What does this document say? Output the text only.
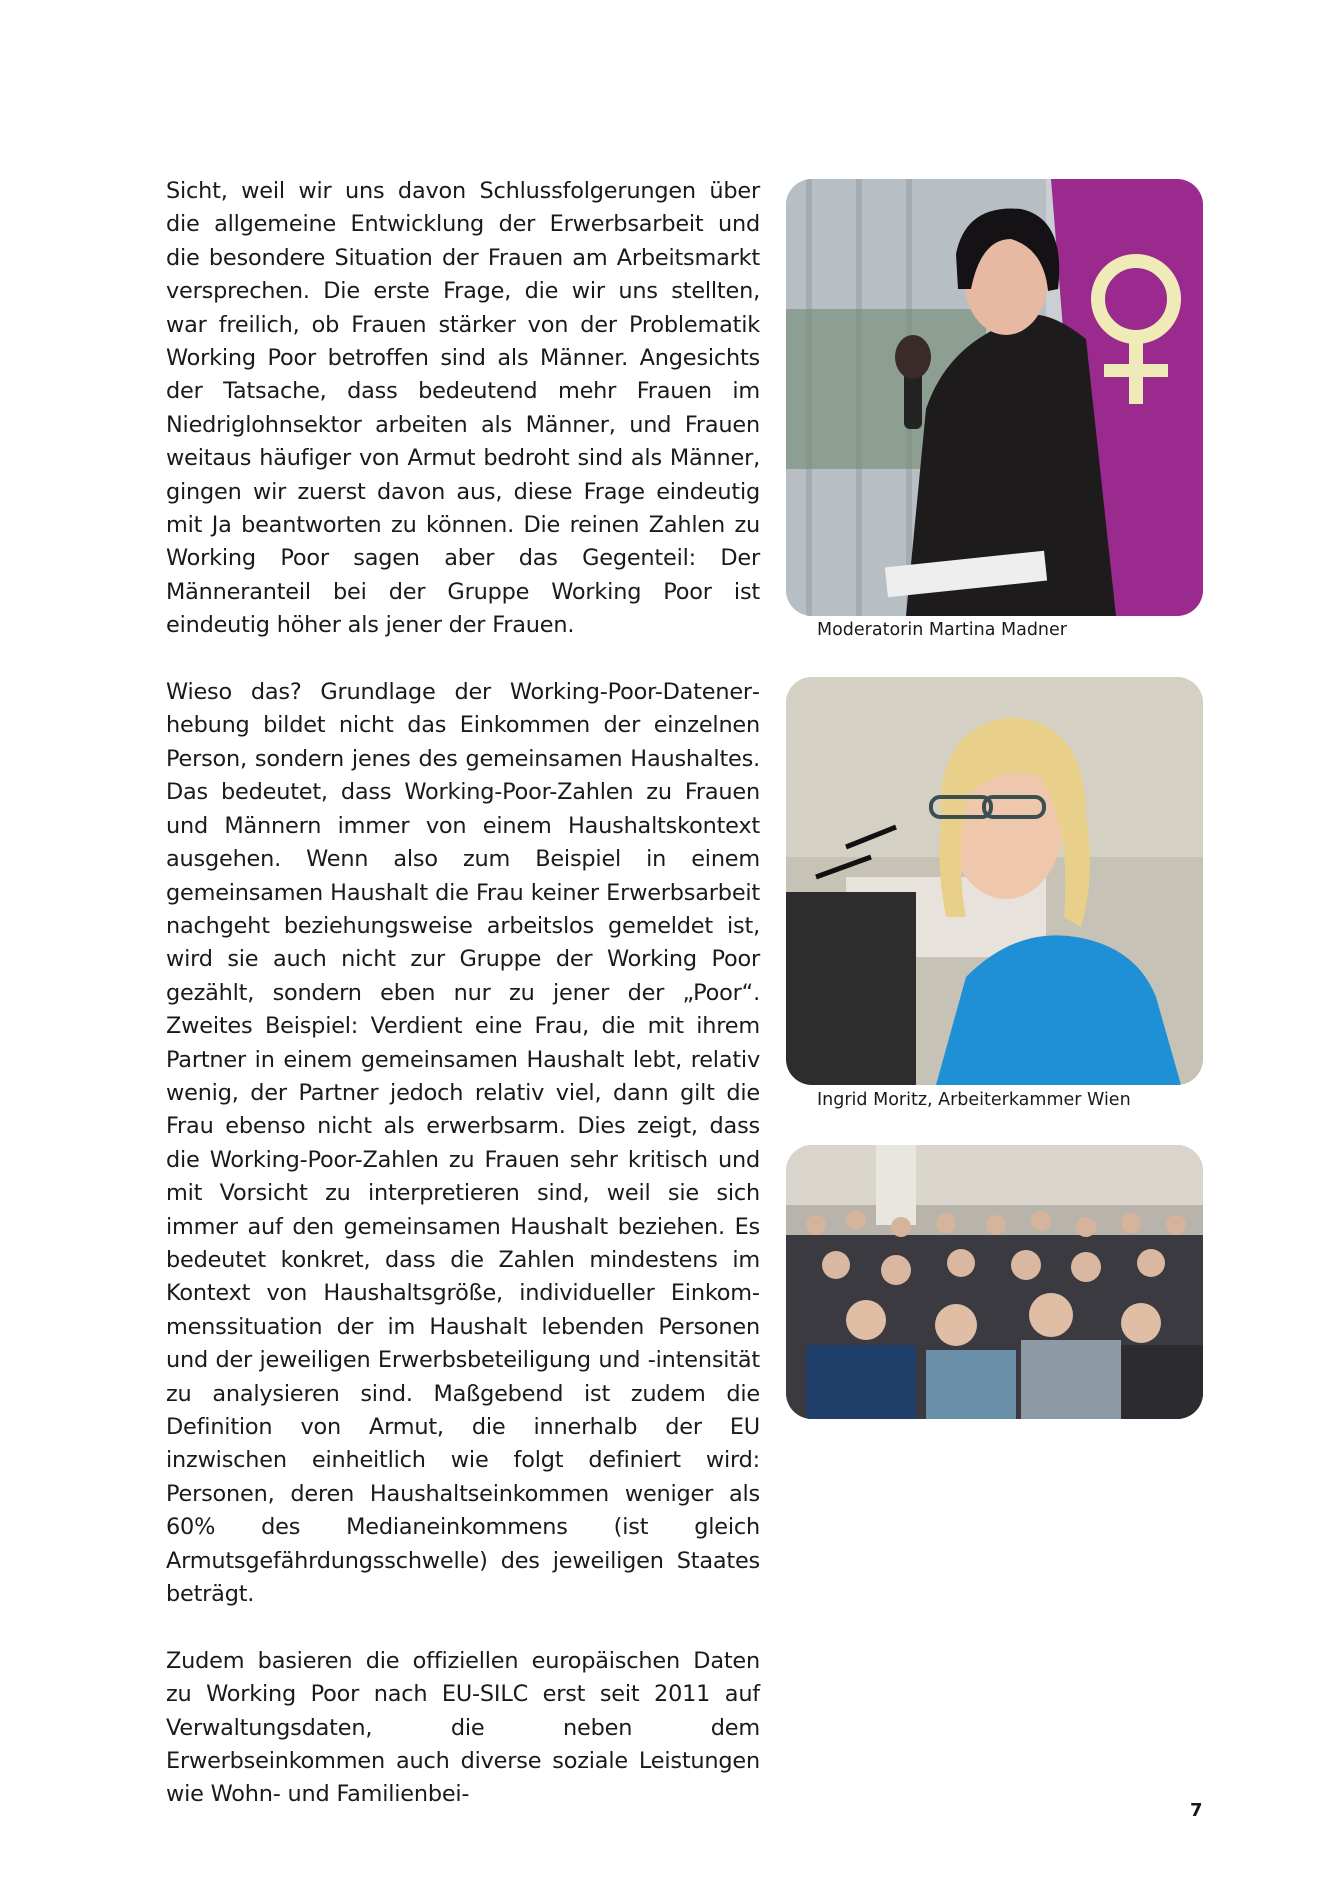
Sicht, weil wir uns davon Schlussfolgerungen über die allgemeine Entwicklung der Erwerbsarbeit und die besondere Situation der Frauen am Arbeitsmarkt versprechen. Die erste Frage, die wir uns stellten, war freilich, ob Frauen stärker von der Problematik Working Poor betroffen sind als Männer. Angesichts der Tatsache, dass bedeutend mehr Frauen im Niedriglohnsektor arbeiten als Männer, und Frauen weitaus häufiger von Armut bedroht sind als Männer, gingen wir zuerst davon aus, diese Frage eindeutig mit Ja beantworten zu können. Die reinen Zahlen zu Working Poor sagen aber das Gegenteil: Der Männeranteil bei der Gruppe Working Poor ist eindeutig höher als jener der Frauen.

Wieso das? Grundlage der Working-Poor-Datenerhebung bildet nicht das Einkommen der einzelnen Person, sondern jenes des gemeinsamen Haushaltes. Das bedeutet, dass Working-Poor-Zahlen zu Frauen und Männern immer von einem Haushaltskontext ausgehen. Wenn also zum Beispiel in einem gemeinsamen Haushalt die Frau keiner Erwerbsarbeit nachgeht beziehungsweise arbeitslos gemeldet ist, wird sie auch nicht zur Gruppe der Working Poor gezählt, sondern eben nur zu jener der „Poor“. Zweites Beispiel: Verdient eine Frau, die mit ihrem Partner in einem gemeinsamen Haushalt lebt, relativ wenig, der Partner jedoch relativ viel, dann gilt die Frau ebenso nicht als erwerbsarm. Dies zeigt, dass die Working-Poor-Zahlen zu Frauen sehr kritisch und mit Vorsicht zu interpretieren sind, weil sie sich immer auf den gemeinsamen Haushalt beziehen. Es bedeutet konkret, dass die Zahlen mindestens im Kontext von Haushaltsgröße, individueller Einkommenssituation der im Haushalt lebenden Personen und der jeweiligen Erwerbsbeteiligung und -intensität zu analysieren sind. Maßgebend ist zudem die Definition von Armut, die innerhalb der EU inzwischen einheitlich wie folgt definiert wird: Personen, deren Haushaltseinkommen weniger als 60% des Medianeinkommens (ist gleich Armutsgefährdungsschwelle) des jeweiligen Staates beträgt.

Zudem basieren die offiziellen europäischen Daten zu Working Poor nach EU-SILC erst seit 2011 auf Verwaltungsdaten, die neben dem Erwerbseinkommen auch diverse soziale Leistungen wie Wohn- und Familienbei-

Moderatorin Martina Madner
Ingrid Moritz, Arbeiterkammer Wien
7
